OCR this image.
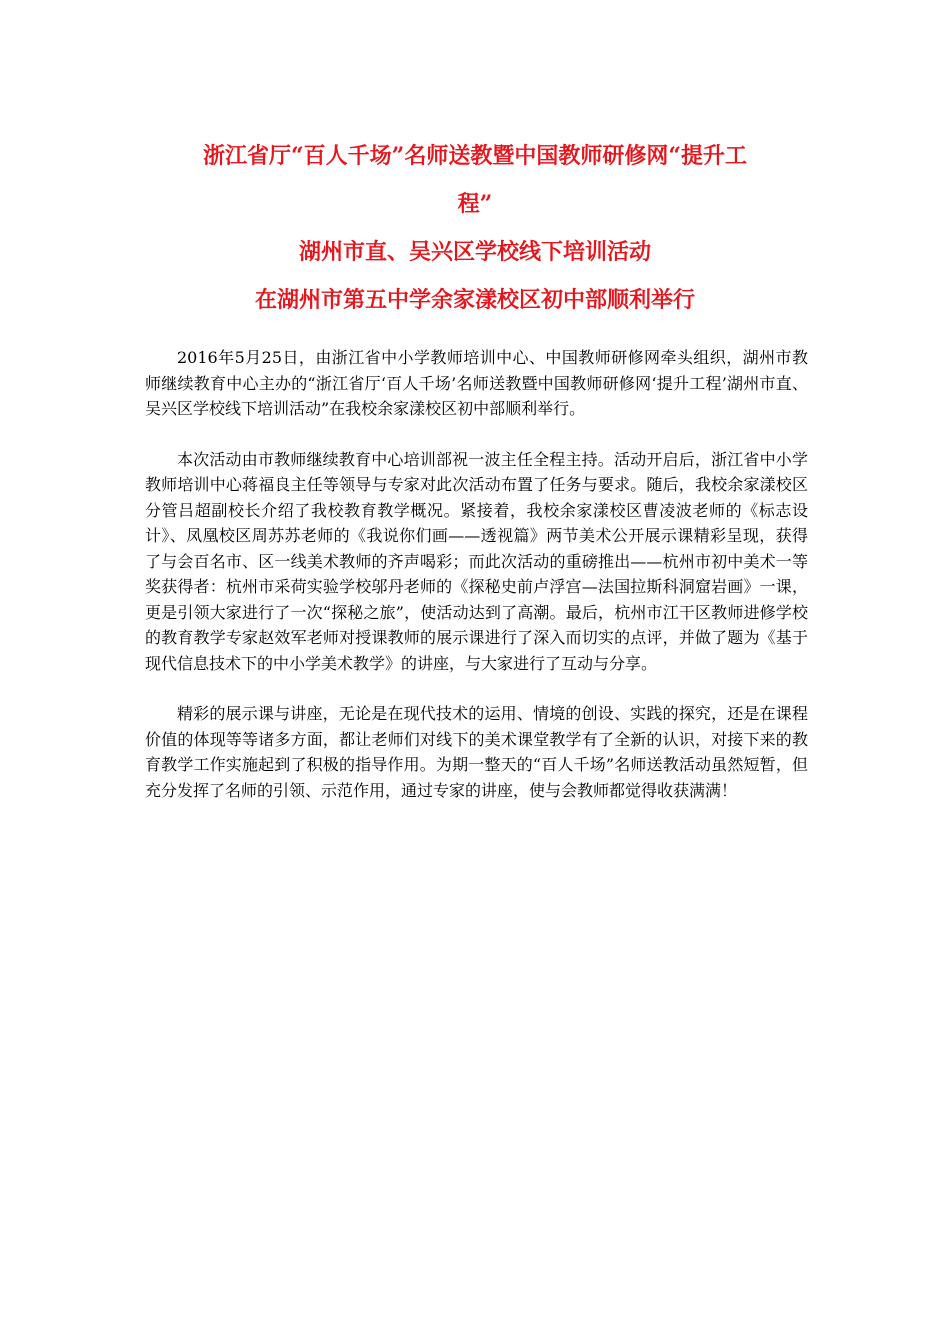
浙江省厅“百人千场”名师送教暨中国教师研修网“提升工

程”

湖州市直、吴兴区学校线下培训活动

在湖州市第五中学余家漾校区初中部顺利举行

2016年5月25日，由浙江省中小学教师培训中心、中国教师研修网牵头组织，湖州市教师继续教育中心主办的“浙江省厅‘百人千场’名师送教暨中国教师研修网‘提升工程’湖州市直、吴兴区学校线下培训活动”在我校余家漾校区初中部顺利举行。

本次活动由市教师继续教育中心培训部祝一波主任全程主持。活动开启后，浙江省中小学教师培训中心蒋福良主任等领导与专家对此次活动布置了任务与要求。随后，我校余家漾校区分管吕超副校长介绍了我校教育教学概况。紧接着，我校余家漾校区曹凌波老师的《标志设计》、凤凰校区周苏苏老师的《我说你们画——透视篇》两节美术公开展示课精彩呈现，获得了与会百名市、区一线美术教师的齐声喝彩；而此次活动的重磅推出——杭州市初中美术一等奖获得者：杭州市采荷实验学校邬丹老师的《探秘史前卢浮宫—法国拉斯科洞窟岩画》一课，更是引领大家进行了一次“探秘之旅”，使活动达到了高潮。最后，杭州市江干区教师进修学校的教育教学专家赵效军老师对授课教师的展示课进行了深入而切实的点评，并做了题为《基于现代信息技术下的中小学美术教学》的讲座，与大家进行了互动与分享。

精彩的展示课与讲座，无论是在现代技术的运用、情境的创设、实践的探究，还是在课程价值的体现等等诸多方面，都让老师们对线下的美术课堂教学有了全新的认识，对接下来的教育教学工作实施起到了积极的指导作用。为期一整天的“百人千场”名师送教活动虽然短暂，但充分发挥了名师的引领、示范作用，通过专家的讲座，使与会教师都觉得收获满满！
